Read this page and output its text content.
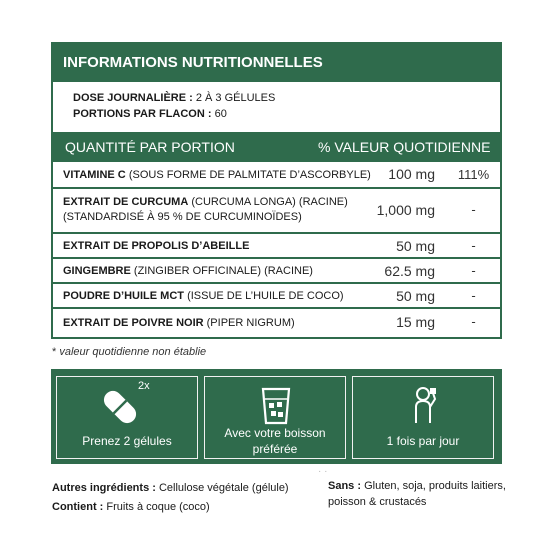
INFORMATIONS NUTRITIONNELLES
DOSE JOURNALIÈRE : 2 À 3 GÉLULES
PORTIONS PAR FLACON : 60
QUANTITÉ PAR PORTION	% VALEUR QUOTIDIENNE
VITAMINE C (SOUS FORME DE PALMITATE D’ASCORBYLE)	100 mg	111%
EXTRAIT DE CURCUMA (CURCUMA LONGA) (RACINE)
(STANDARDISÉ À 95 % DE CURCUMINOÏDES)	1,000 mg	-
EXTRAIT DE PROPOLIS D’ABEILLE	50 mg	-
GINGEMBRE (ZINGIBER OFFICINALE) (RACINE)	62.5 mg	-
POUDRE D’HUILE MCT (ISSUE DE L’HUILE DE COCO)	50 mg	-
EXTRAIT DE POIVRE NOIR (PIPER NIGRUM)	15 mg	-
* valeur quotidienne non établie
2x
Prenez 2 gélules
Avec votre boisson préférée
1 fois par jour
· ·
Autres ingrédients : Cellulose végétale (gélule)
Contient : Fruits à coque (coco)
Sans : Gluten, soja, produits laitiers,
poisson & crustacés
